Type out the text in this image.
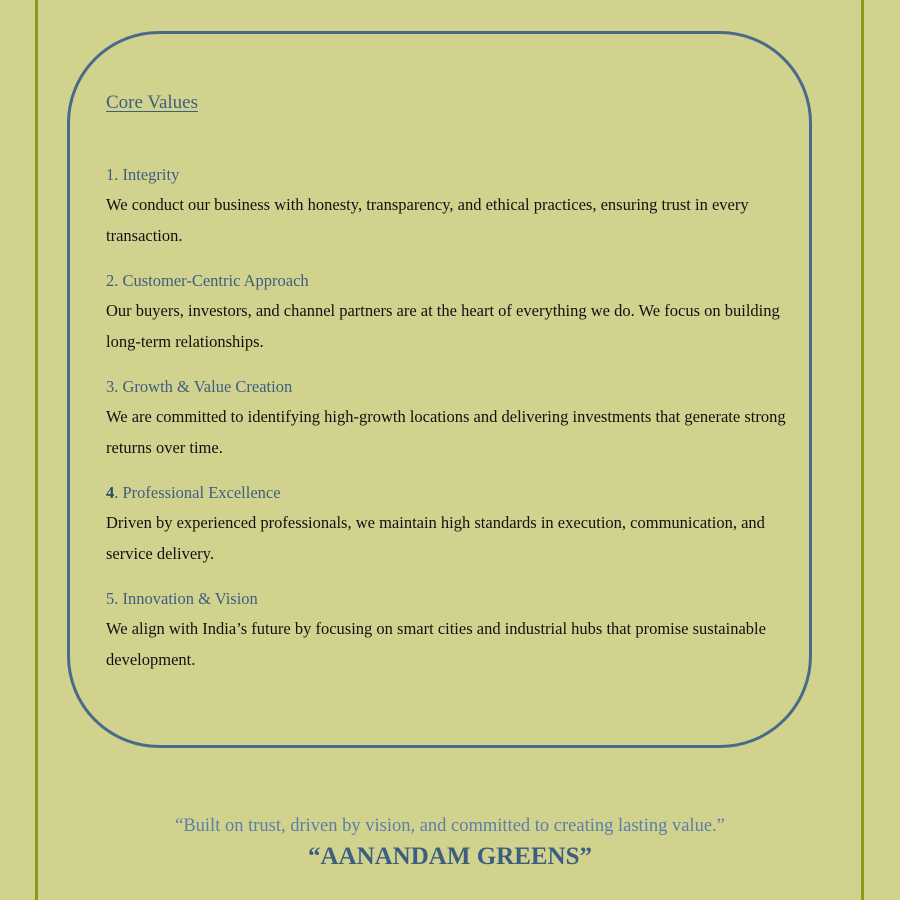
Core Values
1. Integrity
We conduct our business with honesty, transparency, and ethical practices, ensuring trust in every transaction.
2. Customer-Centric Approach
Our buyers, investors, and channel partners are at the heart of everything we do. We focus on building long-term relationships.
3. Growth & Value Creation
We are committed to identifying high-growth locations and delivering investments that generate strong returns over time.
4. Professional Excellence
Driven by experienced professionals, we maintain high standards in execution, communication, and service delivery.
5. Innovation & Vision
We align with India’s future by focusing on smart cities and industrial hubs that promise sustainable development.
“Built on trust, driven by vision, and committed to creating lasting value.”
“AANANDAM GREENS”
